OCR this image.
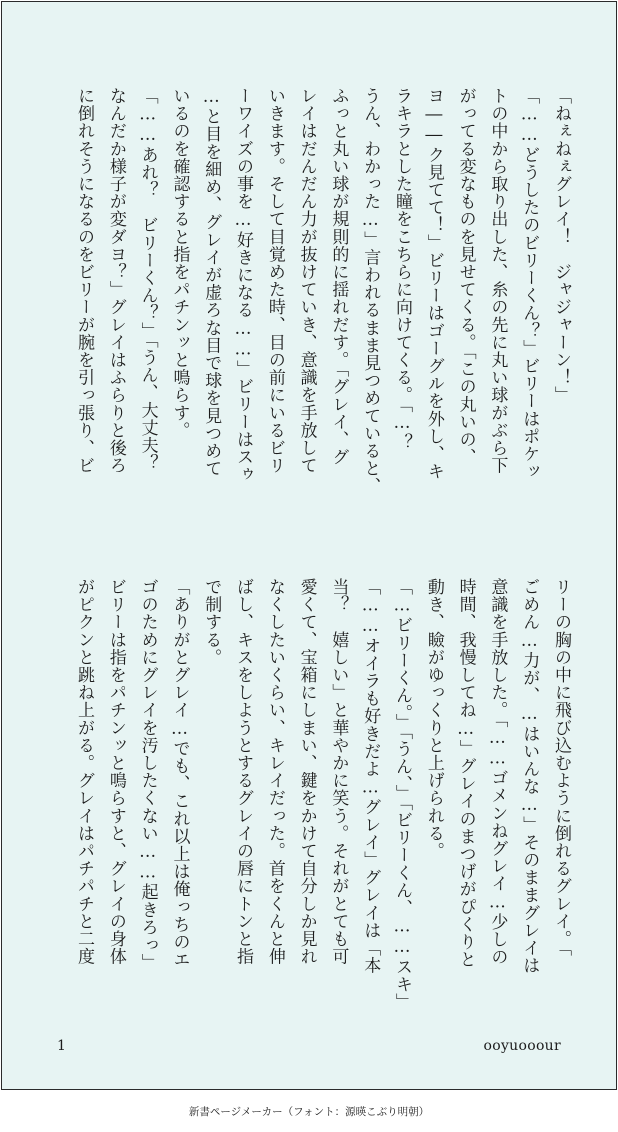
「ねぇねぇグレイ！　ジャジャーン！」
「……どうしたのビリーくん？」ビリーはポケッ
トの中から取り出した、糸の先に丸い球がぶら下
がってる変なものを見せてくる。「この丸いの、
ヨ――ク見てて！」ビリーはゴーグルを外し、キ
ラキラとした瞳をこちらに向けてくる。「…？
うん、わかった…」言われるまま見つめていると、
ふっと丸い球が規則的に揺れだす。「グレイ、グ
レイはだんだん力が抜けていき、意識を手放して
いきます。そして目覚めた時、目の前にいるビリ
ーワイズの事を…好きになる……」ビリーはスゥ
…と目を細め、グレイが虚ろな目で球を見つめて
いるのを確認すると指をパチンッと鳴らす。
「……あれ？　ビリーくん？」「うん、大丈夫？
なんだか様子が変ダヨ？」グレイはふらりと後ろ
に倒れそうになるのをビリーが腕を引っ張り、ビ
リーの胸の中に飛び込むように倒れるグレイ。「
ごめん…力が、…はいんな…」そのままグレイは
意識を手放した。「……ゴメンねグレイ…少しの
時間、我慢してね…」グレイのまつげがぴくりと
動き、瞼がゆっくりと上げられる。
「…ビリーくん。」「うん、」「ビリーくん、……スキ」
「……オイラも好きだよ…グレイ」グレイは「本
当？　嬉しい」と華やかに笑う。それがとても可
愛くて、宝箱にしまい、鍵をかけて自分しか見れ
なくしたいくらい、キレイだった。首をくんと伸
ばし、キスをしようとするグレイの唇にトンと指
で制する。
「ありがとグレイ…でも、これ以上は俺っちのエ
ゴのためにグレイを汚したくない……起きろっ」
ビリーは指をパチンッと鳴らすと、グレイの身体
がピクンと跳ね上がる。グレイはパチパチと二度
1	ooyuooour
新書ページメーカー（フォント：源暎こぶり明朝）
